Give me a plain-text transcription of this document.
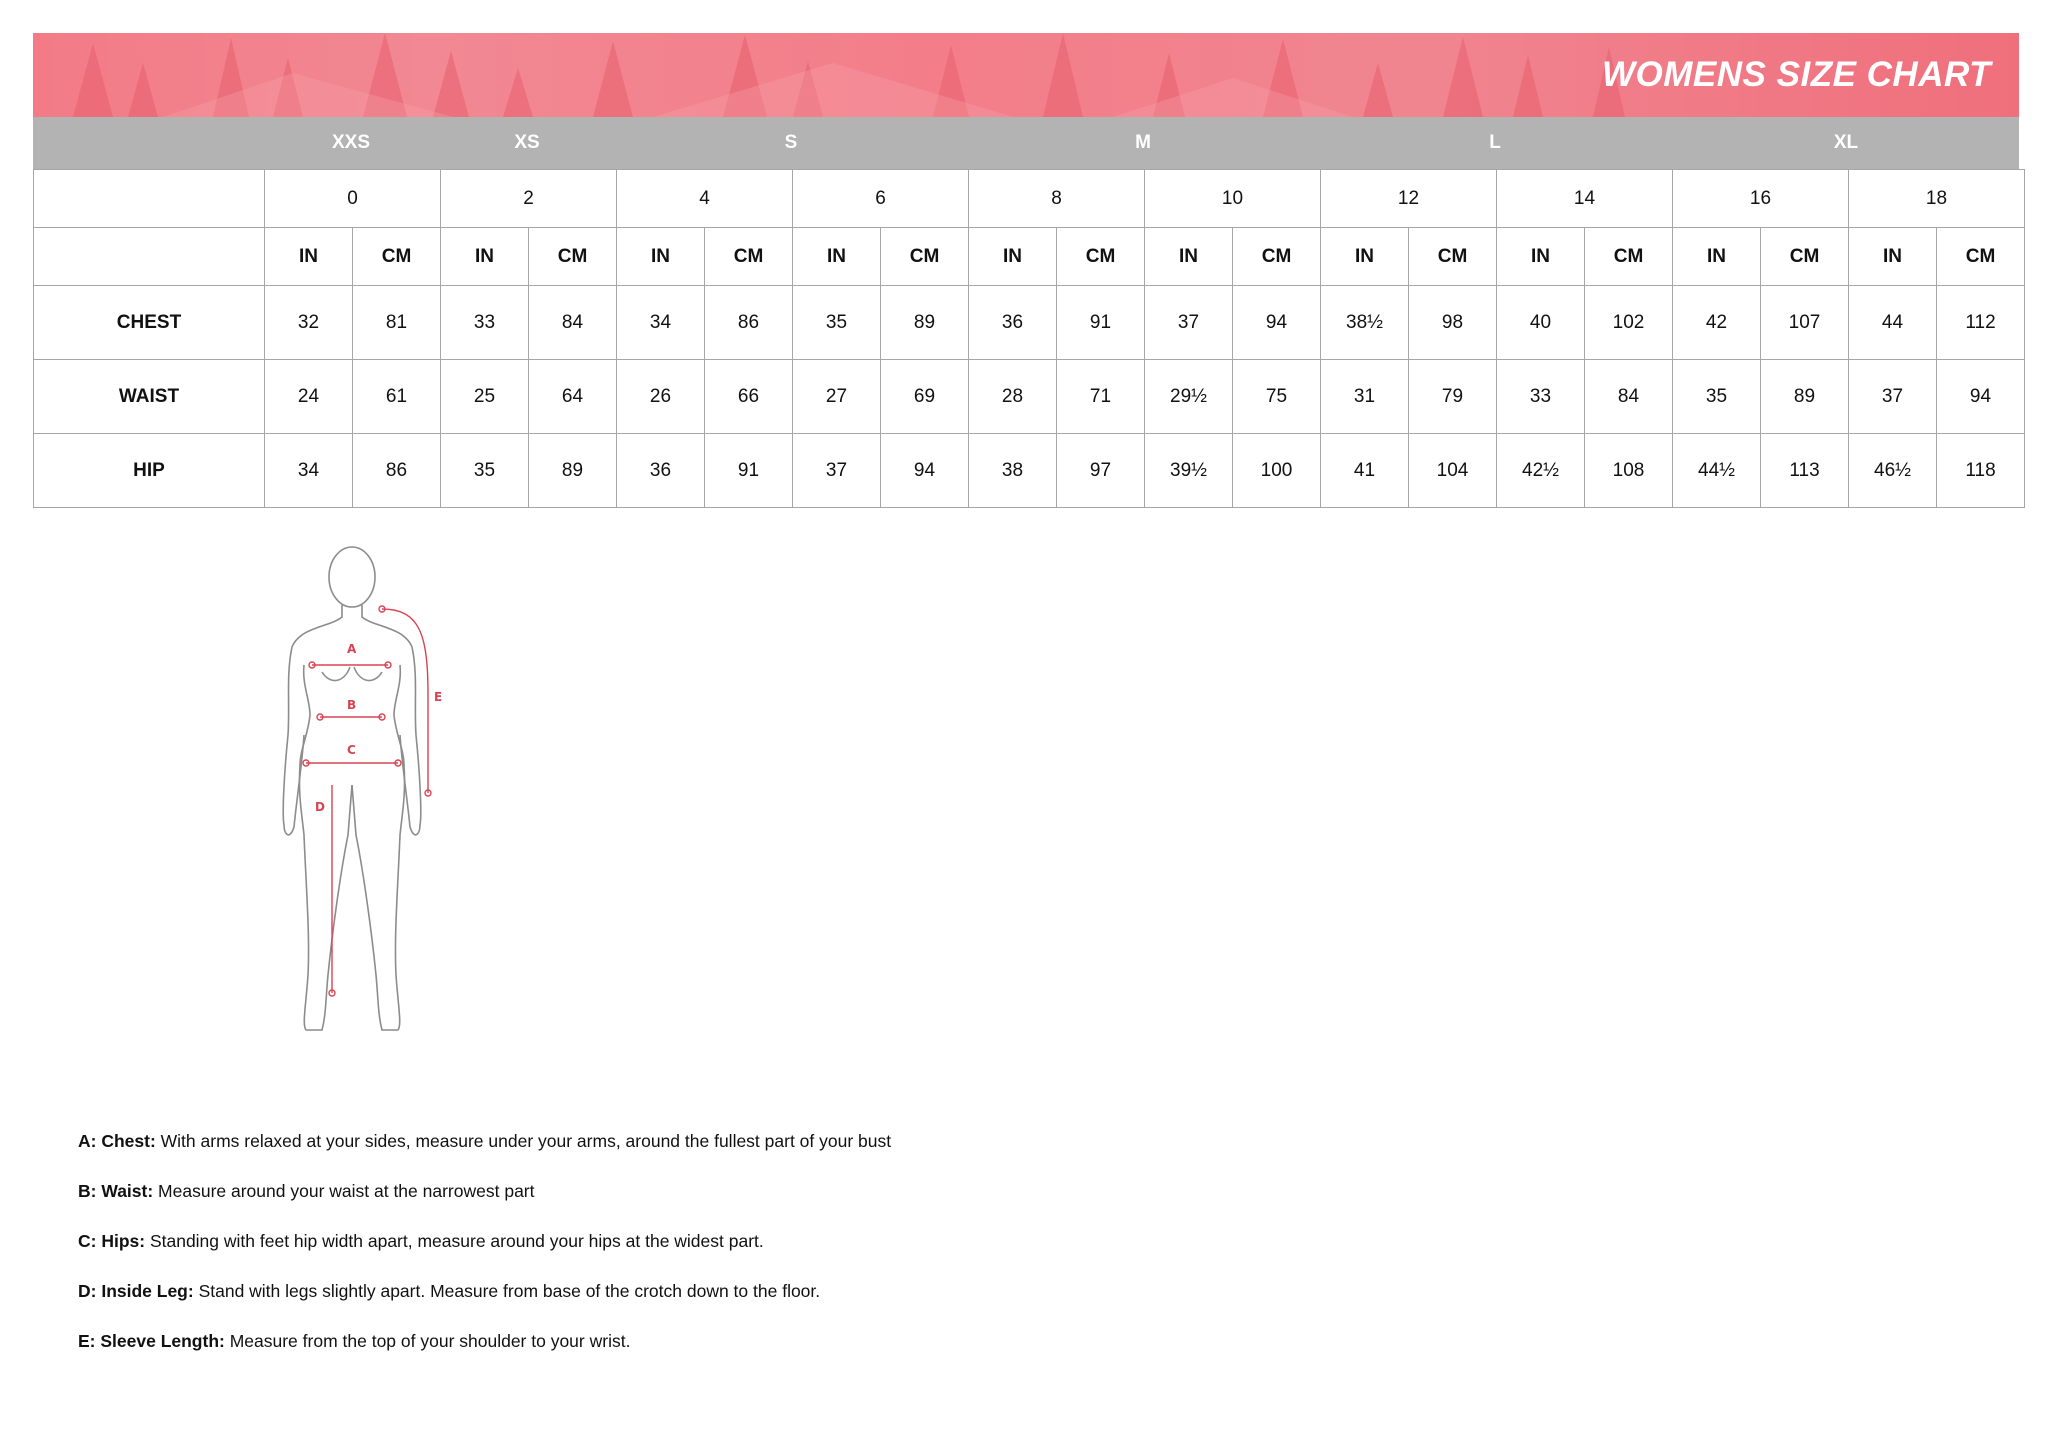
WOMENS SIZE CHART
XXS	XS	S	M	L	XL
	0		2		4		6		8		10		12		14		16		18	
	IN	CM	IN	CM	IN	CM	IN	CM	IN	CM	IN	CM	IN	CM	IN	CM	IN	CM	IN	CM
CHEST	32	81	33	84	34	86	35	89	36	91	37	94	38½	98	40	102	42	107	44	112
WAIST	24	61	25	64	26	66	27	69	28	71	29½	75	31	79	33	84	35	89	37	94
HIP	34	86	35	89	36	91	37	94	38	97	39½	100	41	104	42½	108	44½	113	46½	118
A
B
C
D
E
A: Chest: With arms relaxed at your sides, measure under your arms, around the fullest part of your bust
B: Waist: Measure around your waist at the narrowest part
C: Hips: Standing with feet hip width apart, measure around your hips at the widest part.
D: Inside Leg: Stand with legs slightly apart. Measure from base of the crotch down to the floor.
E: Sleeve Length: Measure from the top of your shoulder to your wrist.
